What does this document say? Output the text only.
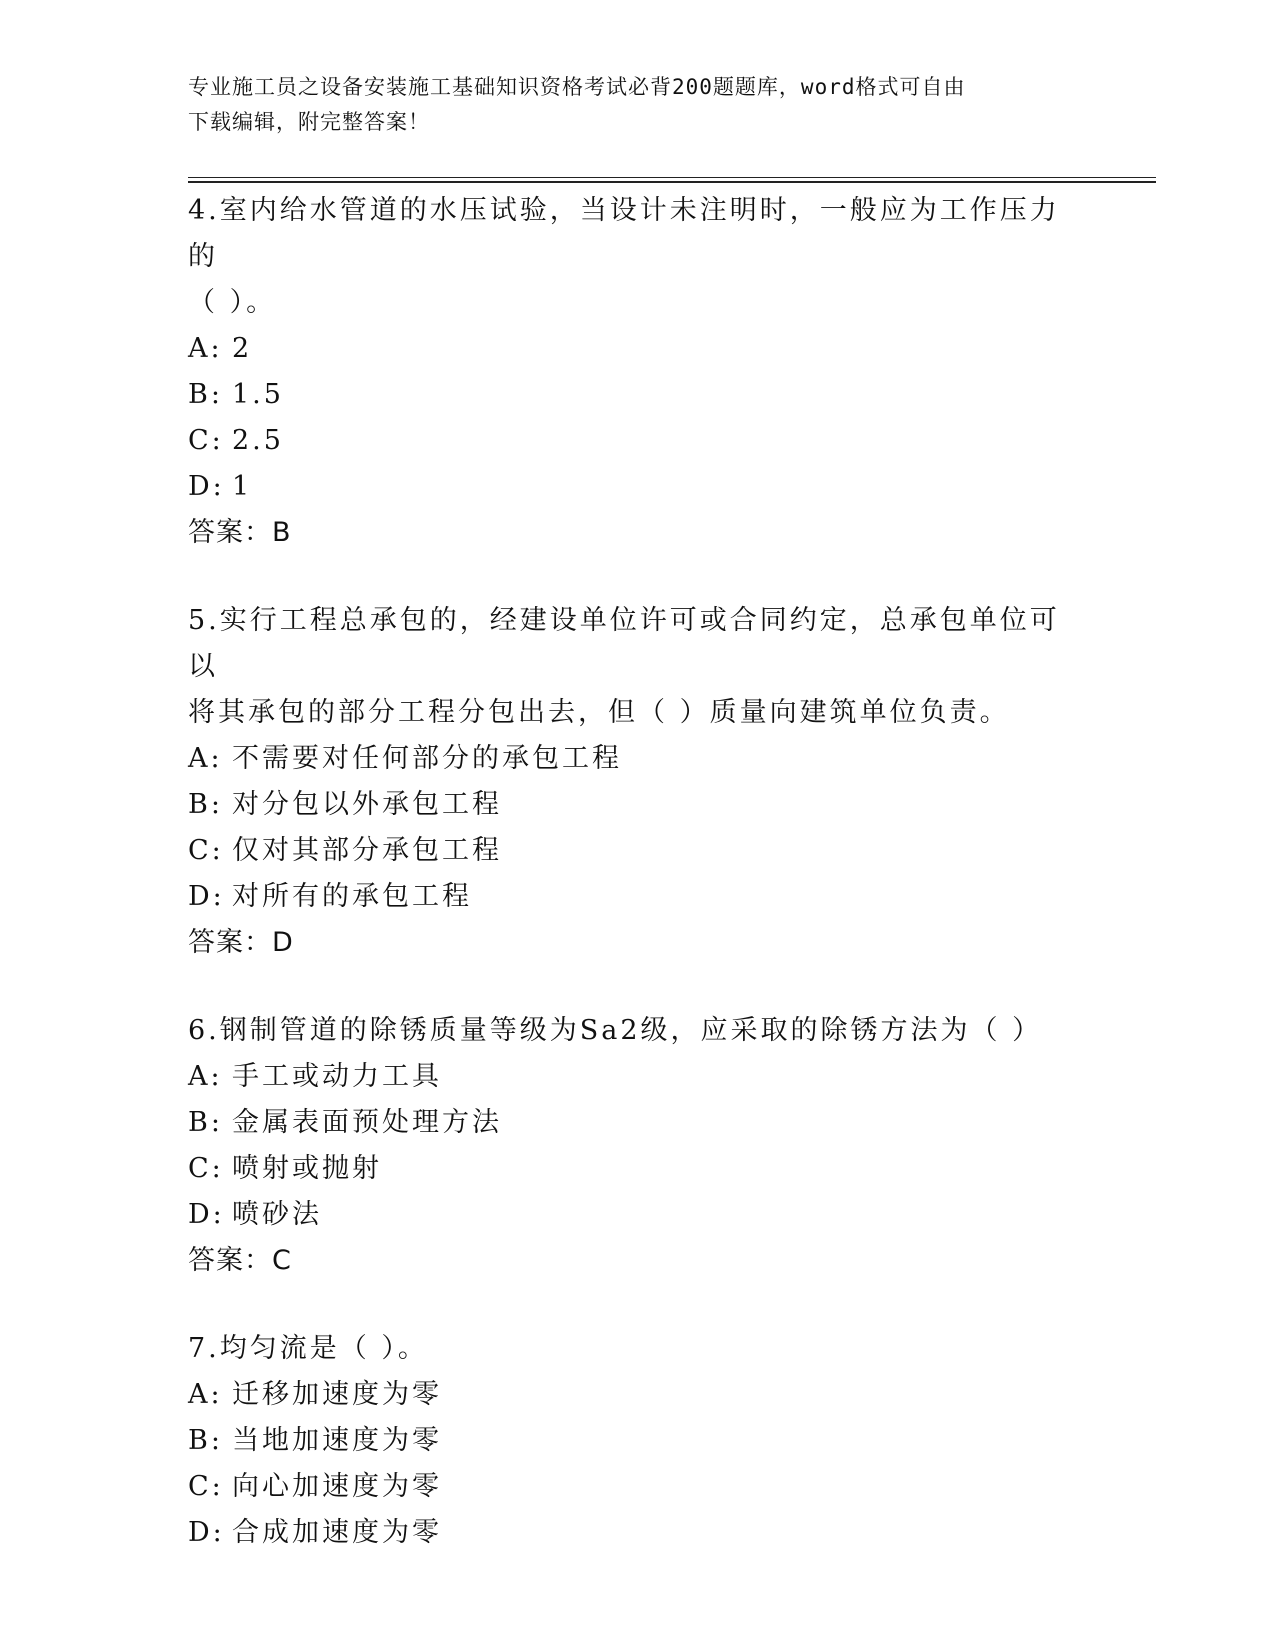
专业施工员之设备安装施工基础知识资格考试必背200题题库，word格式可自由
下载编辑，附完整答案！

4.室内给水管道的水压试验，当设计未注明时，一般应为工作压力的

（ ）。

A: 2

B: 1.5

C: 2.5

D: 1

答案：B

5.实行工程总承包的，经建设单位许可或合同约定，总承包单位可以

将其承包的部分工程分包出去，但（ ）质量向建筑单位负责。

A: 不需要对任何部分的承包工程

B: 对分包以外承包工程

C: 仅对其部分承包工程

D: 对所有的承包工程

答案：D

6.钢制管道的除锈质量等级为Sa2级，应采取的除锈方法为（ ）

A: 手工或动力工具

B: 金属表面预处理方法

C: 喷射或抛射

D: 喷砂法

答案：C

7.均匀流是（ ）。

A: 迁移加速度为零

B: 当地加速度为零

C: 向心加速度为零

D: 合成加速度为零
